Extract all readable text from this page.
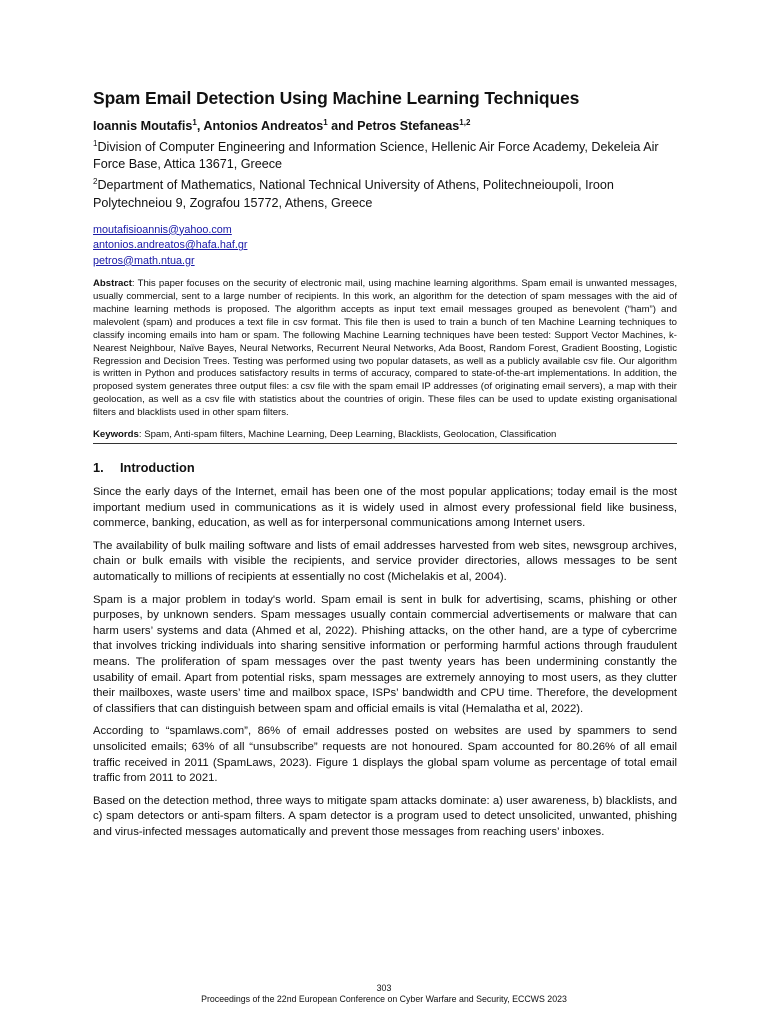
Spam Email Detection Using Machine Learning Techniques
Ioannis Moutafis$^1$, Antonios Andreatos$^1$ and Petros Stefaneas$^{1,2}$

$^1$Division of Computer Engineering and Information Science, Hellenic Air Force Academy, Dekeleia Air Force Base, Attica 13671, Greece

$^2$Department of Mathematics, National Technical University of Athens, Politechneioupoli, Iroon Polytechneiou 9, Zografou 15772, Athens, Greece

moutafisioannis@yahoo.com
antonios.andreatos@hafa.haf.gr
petros@math.ntua.gr
Abstract: This paper focuses on the security of electronic mail, using machine learning algorithms. Spam email is unwanted messages, usually commercial, sent to a large number of recipients. In this work, an algorithm for the detection of spam messages with the aid of machine learning methods is proposed. The algorithm accepts as input text email messages grouped as benevolent (“ham”) and malevolent (spam) and produces a text file in csv format. This file then is used to train a bunch of ten Machine Learning techniques to classify incoming emails into ham or spam. The following Machine Learning techniques have been tested: Support Vector Machines, k-Nearest Neighbour, Naïve Bayes, Neural Networks, Recurrent Neural Networks, Ada Boost, Random Forest, Gradient Boosting, Logistic Regression and Decision Trees. Testing was performed using two popular datasets, as well as a publicly available csv file. Our algorithm is written in Python and produces satisfactory results in terms of accuracy, compared to state-of-the-art implementations. In addition, the proposed system generates three output files: a csv file with the spam email IP addresses (of originating email servers), a map with their geolocation, as well as a csv file with statistics about the countries of origin. These files can be used to update existing organisational filters and blacklists used in other spam filters.
Keywords: Spam, Anti-spam filters, Machine Learning, Deep Learning, Blacklists, Geolocation, Classification
1. Introduction

Since the early days of the Internet, email has been one of the most popular applications; today email is the most important medium used in communications as it is widely used in almost every professional field like business, commerce, banking, education, as well as for interpersonal communications among Internet users.

The availability of bulk mailing software and lists of email addresses harvested from web sites, newsgroup archives, chain or bulk emails with visible the recipients, and service provider directories, allows messages to be sent automatically to millions of recipients at essentially no cost (Michelakis et al, 2004).

Spam is a major problem in today's world. Spam email is sent in bulk for advertising, scams, phishing or other purposes, by unknown senders. Spam messages usually contain commercial advertisements or malware that can harm users’ systems and data (Ahmed et al, 2022). Phishing attacks, on the other hand, are a type of cybercrime that involves tricking individuals into sharing sensitive information or performing harmful actions through fraudulent means. The proliferation of spam messages over the past twenty years has been undermining constantly the usability of email. Apart from potential risks, spam messages are extremely annoying to most users, as they clutter their mailboxes, waste users’ time and mailbox space, ISPs’ bandwidth and CPU time. Therefore, the development of classifiers that can distinguish between spam and official emails is vital (Hemalatha et al, 2022).

According to “spamlaws.com”, 86% of email addresses posted on websites are used by spammers to send unsolicited emails; 63% of all “unsubscribe” requests are not honoured. Spam accounted for 80.26% of all email traffic received in 2011 (SpamLaws, 2023). Figure 1 displays the global spam volume as percentage of total email traffic from 2011 to 2021.

Based on the detection method, three ways to mitigate spam attacks dominate: a) user awareness, b) blacklists, and c) spam detectors or anti-spam filters. A spam detector is a program used to detect unsolicited, unwanted, phishing and virus-infected messages automatically and prevent those messages from reaching users’ inboxes.

303
Proceedings of the 22nd European Conference on Cyber Warfare and Security, ECCWS 2023
